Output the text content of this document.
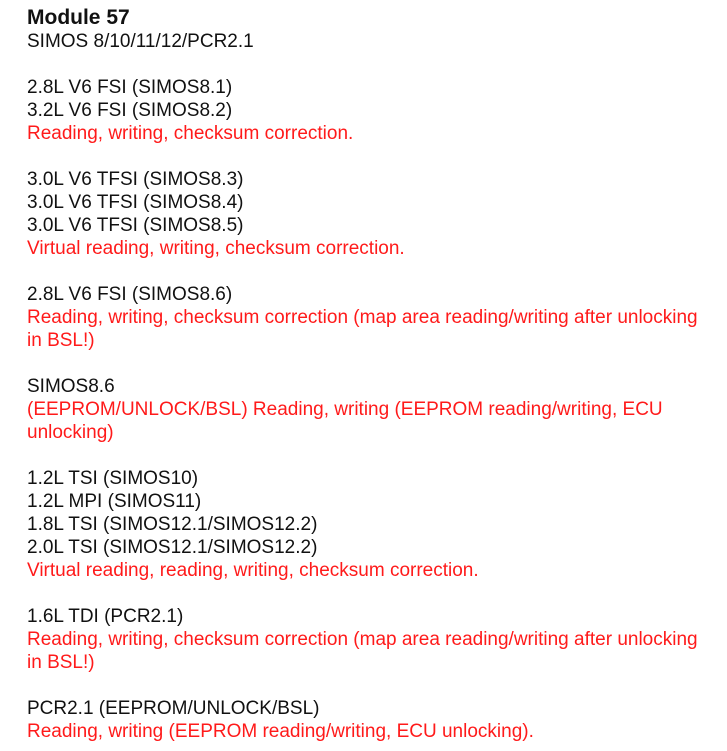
Module 57

SIMOS 8/10/11/12/PCR2.1

2.8L V6 FSI (SIMOS8.1)

3.2L V6 FSI (SIMOS8.2)

Reading, writing, checksum correction.

3.0L V6 TFSI (SIMOS8.3)

3.0L V6 TFSI (SIMOS8.4)

3.0L V6 TFSI (SIMOS8.5)

Virtual reading, writing, checksum correction.

2.8L V6 FSI (SIMOS8.6)

Reading, writing, checksum correction (map area reading/writing after unlocking in BSL!)

SIMOS8.6

(EEPROM/UNLOCK/BSL) Reading, writing (EEPROM reading/writing, ECU unlocking)

1.2L TSI (SIMOS10)

1.2L MPI (SIMOS11)

1.8L TSI (SIMOS12.1/SIMOS12.2)

2.0L TSI (SIMOS12.1/SIMOS12.2)

Virtual reading, reading, writing, checksum correction.

1.6L TDI (PCR2.1)

Reading, writing, checksum correction (map area reading/writing after unlocking in BSL!)

PCR2.1 (EEPROM/UNLOCK/BSL)

Reading, writing (EEPROM reading/writing, ECU unlocking).
